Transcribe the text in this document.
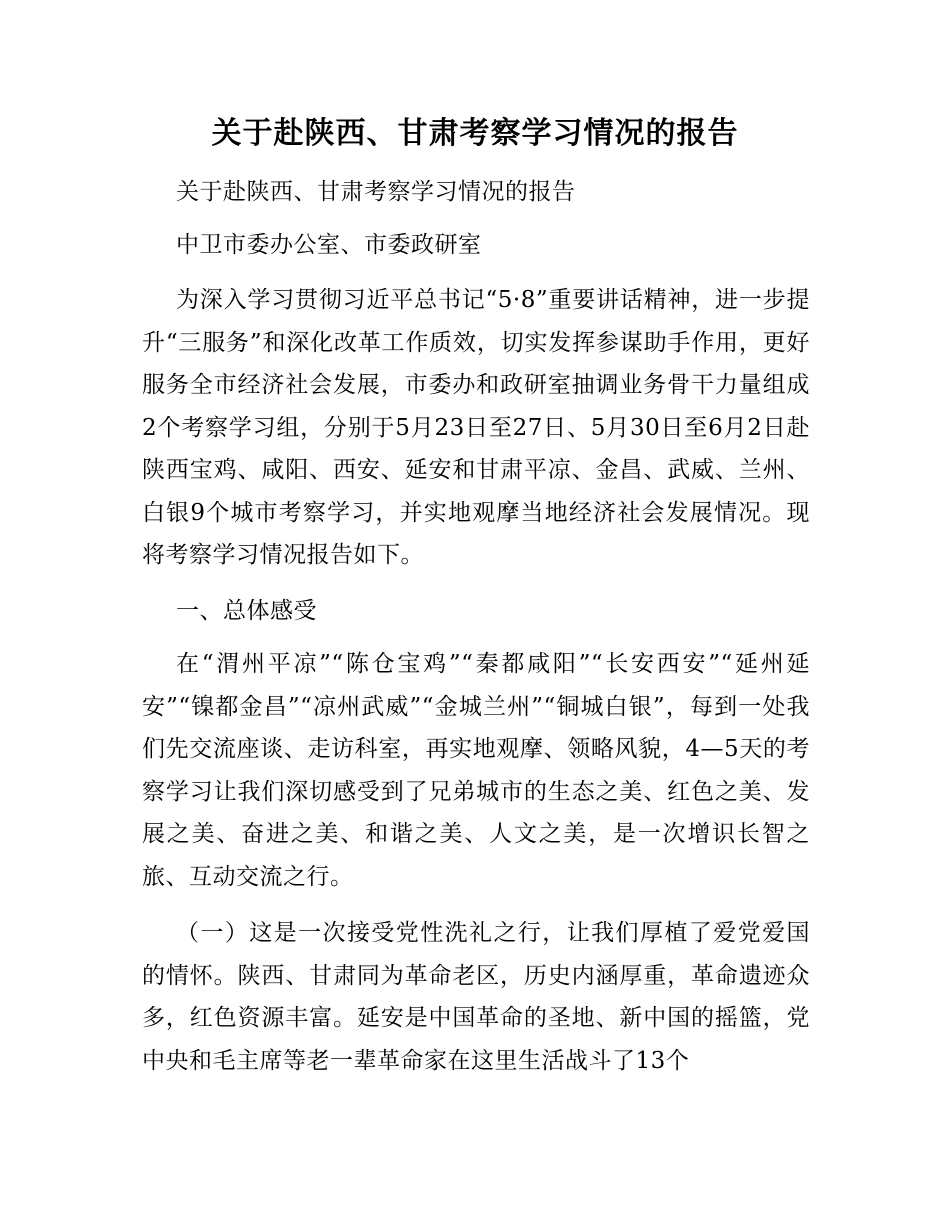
关于赴陕西、甘肃考察学习情况的报告
关于赴陕西、甘肃考察学习情况的报告
中卫市委办公室、市委政研室
为深入学习贯彻习近平总书记“5·8”重要讲话精神，进一步提升“三服务”和深化改革工作质效，切实发挥参谋助手作用，更好服务全市经济社会发展，市委办和政研室抽调业务骨干力量组成2个考察学习组，分别于5月23日至27日、5月30日至6月2日赴陕西宝鸡、咸阳、西安、延安和甘肃平凉、金昌、武威、兰州、白银9个城市考察学习，并实地观摩当地经济社会发展情况。现将考察学习情况报告如下。
一、总体感受
在“渭州平凉”“陈仓宝鸡”“秦都咸阳”“长安西安”“延州延安”“镍都金昌”“凉州武威”“金城兰州”“铜城白银”，每到一处我们先交流座谈、走访科室，再实地观摩、领略风貌，4—5天的考察学习让我们深切感受到了兄弟城市的生态之美、红色之美、发展之美、奋进之美、和谐之美、人文之美，是一次增识长智之旅、互动交流之行。
（一）这是一次接受党性洗礼之行，让我们厚植了爱党爱国的情怀。陕西、甘肃同为革命老区，历史内涵厚重，革命遗迹众多，红色资源丰富。延安是中国革命的圣地、新中国的摇篮，党中央和毛主席等老一辈革命家在这里生活战斗了13个
